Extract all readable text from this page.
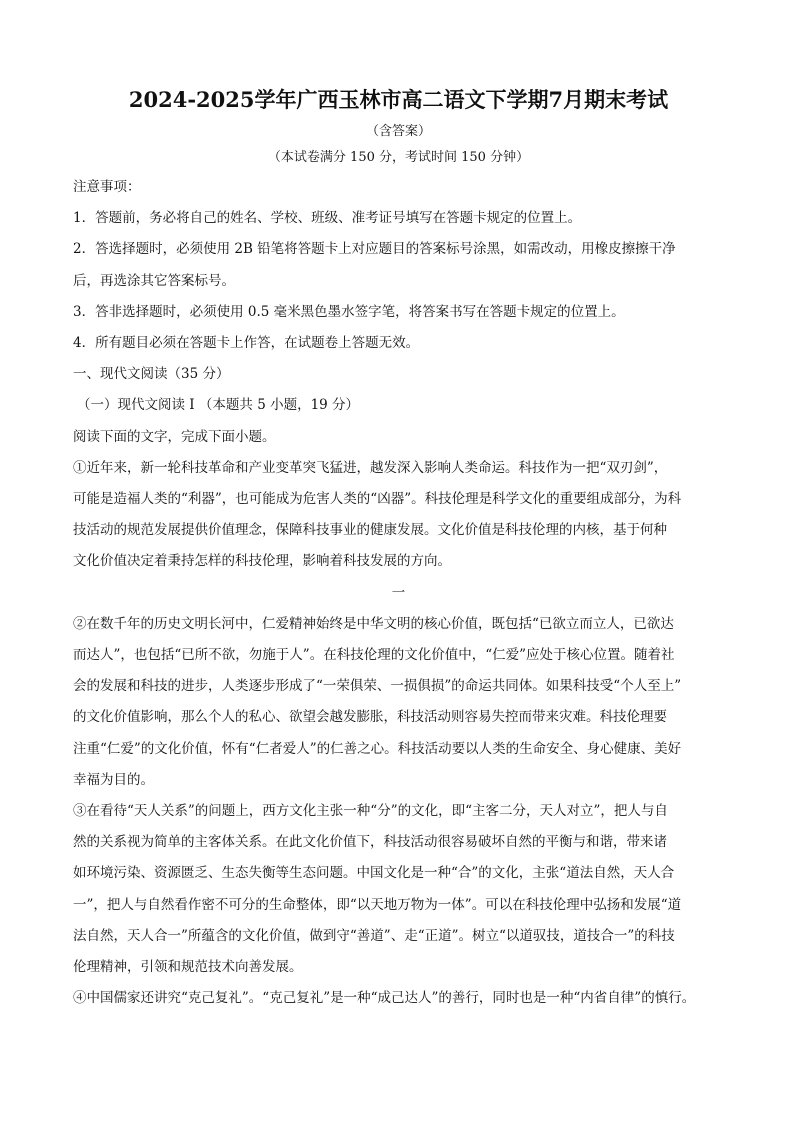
2024-2025学年广西玉林市高二语文下学期7月期末考试
（含答案）
（本试卷满分 150 分，考试时间 150 分钟）

注意事项：

1．答题前，务必将自己的姓名、学校、班级、准考证号填写在答题卡规定的位置上。

2．答选择题时，必须使用 2B 铅笔将答题卡上对应题目的答案标号涂黑，如需改动，用橡皮擦擦干净

后，再选涂其它答案标号。

3．答非选择题时，必须使用 0.5 毫米黑色墨水签字笔，将答案书写在答题卡规定的位置上。

4．所有题目必须在答题卡上作答，在试题卷上答题无效。

一、现代文阅读（35 分）

（一）现代文阅读 I （本题共 5 小题，19 分）

阅读下面的文字，完成下面小题。

①近年来，新一轮科技革命和产业变革突飞猛进，越发深入影响人类命运。科技作为一把“双刃剑”，

可能是造福人类的“利器”，也可能成为危害人类的“凶器”。科技伦理是科学文化的重要组成部分，为科

技活动的规范发展提供价值理念，保障科技事业的健康发展。文化价值是科技伦理的内核，基于何种

文化价值决定着秉持怎样的科技伦理，影响着科技发展的方向。

一

②在数千年的历史文明长河中，仁爱精神始终是中华文明的核心价值，既包括“已欲立而立人，已欲达

而达人”，也包括“已所不欲，勿施于人”。在科技伦理的文化价值中，“仁爱”应处于核心位置。随着社

会的发展和科技的进步，人类逐步形成了“一荣俱荣、一损俱损”的命运共同体。如果科技受“个人至上”

的文化价值影响，那么个人的私心、欲望会越发膨胀，科技活动则容易失控而带来灾难。科技伦理要

注重“仁爱”的文化价值，怀有“仁者爱人”的仁善之心。科技活动要以人类的生命安全、身心健康、美好

幸福为目的。

③在看待“天人关系”的问题上，西方文化主张一种“分”的文化，即“主客二分，天人对立”，把人与自

然的关系视为简单的主客体关系。在此文化价值下，科技活动很容易破坏自然的平衡与和谐，带来诸

如环境污染、资源匮乏、生态失衡等生态问题。中国文化是一种“合”的文化，主张“道法自然，天人合

一”，把人与自然看作密不可分的生命整体，即“以天地万物为一体”。可以在科技伦理中弘扬和发展“道

法自然，天人合一”所蕴含的文化价值，做到守“善道”、走“正道”。树立“以道驭技，道技合一”的科技

伦理精神，引领和规范技术向善发展。

④中国儒家还讲究“克己复礼”。“克己复礼”是一种“成己达人”的善行，同时也是一种“内省自律”的慎行。
